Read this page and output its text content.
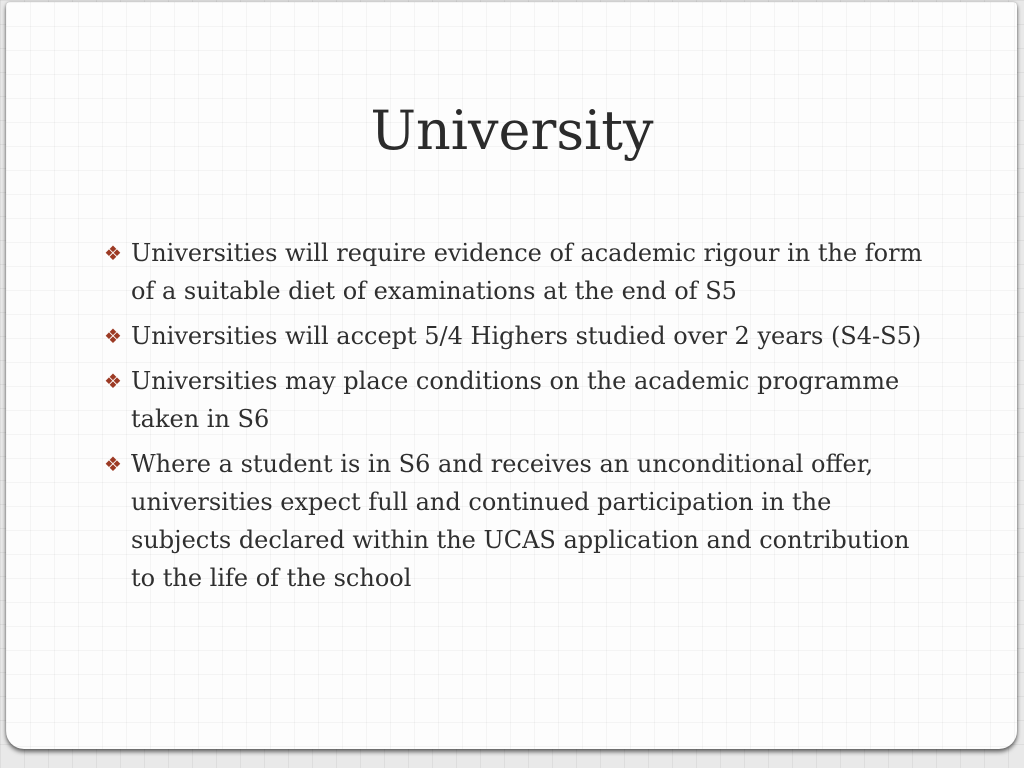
University
❖ Universities will require evidence of academic rigour in the form of a suitable diet of examinations at the end of S5
❖ Universities will accept 5/4 Highers studied over 2 years (S4-S5)
❖ Universities may place conditions on the academic programme taken in S6
❖ Where a student is in S6 and receives an unconditional offer, universities expect full and continued participation in the subjects declared within the UCAS application and contribution to the life of the school
